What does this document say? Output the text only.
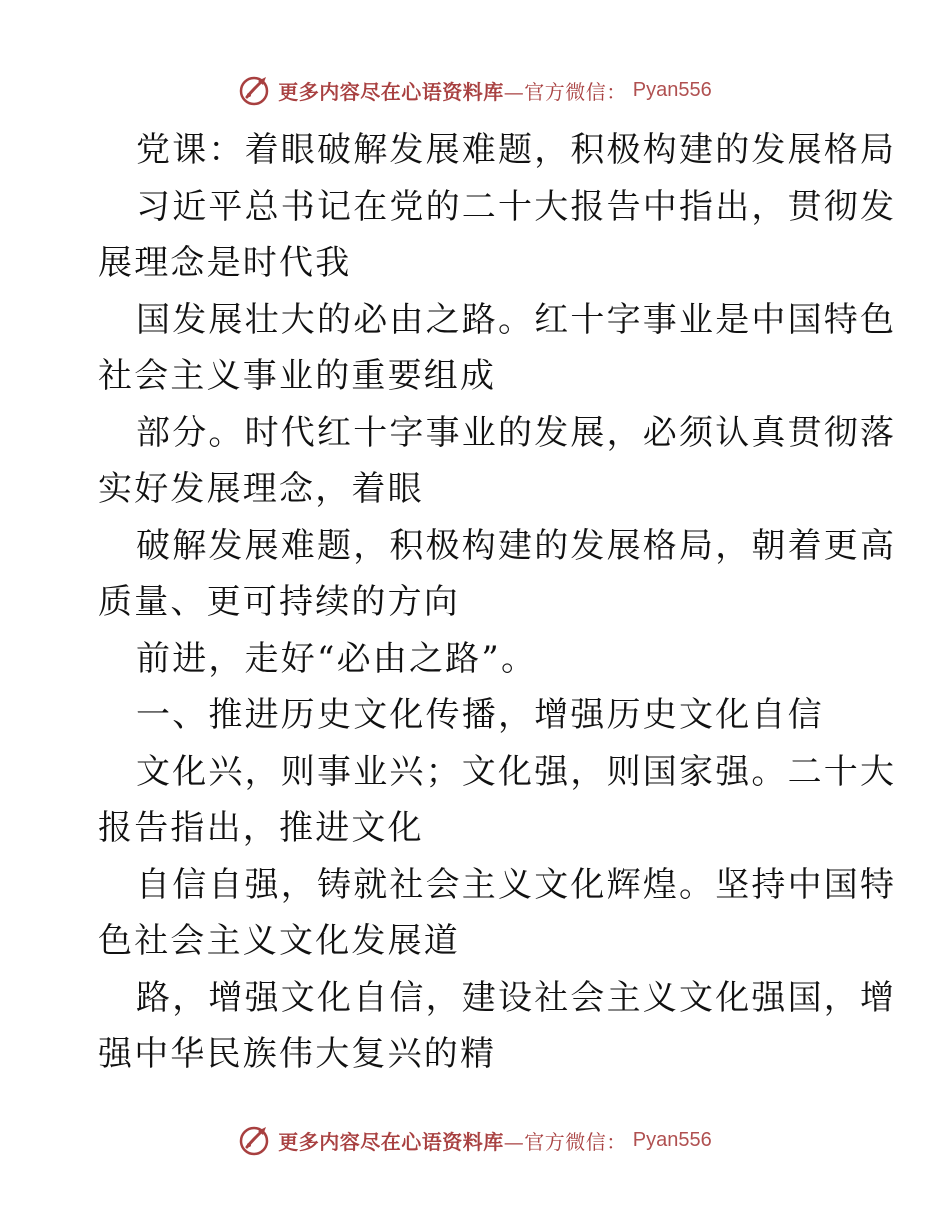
更多内容尽在心语资料库—官方微信： Pyan556
党课：着眼破解发展难题，积极构建的发展格局
习近平总书记在党的二十大报告中指出，贯彻发
展理念是时代我
国发展壮大的必由之路。红十字事业是中国特色
社会主义事业的重要组成
部分。时代红十字事业的发展，必须认真贯彻落
实好发展理念，着眼
破解发展难题，积极构建的发展格局，朝着更高
质量、更可持续的方向
前进，走好“必由之路”。
一、推进历史文化传播，增强历史文化自信
文化兴，则事业兴；文化强，则国家强。二十大
报告指出，推进文化
自信自强，铸就社会主义文化辉煌。坚持中国特
色社会主义文化发展道
路，增强文化自信，建设社会主义文化强国，增
强中华民族伟大复兴的精
更多内容尽在心语资料库—官方微信： Pyan556
